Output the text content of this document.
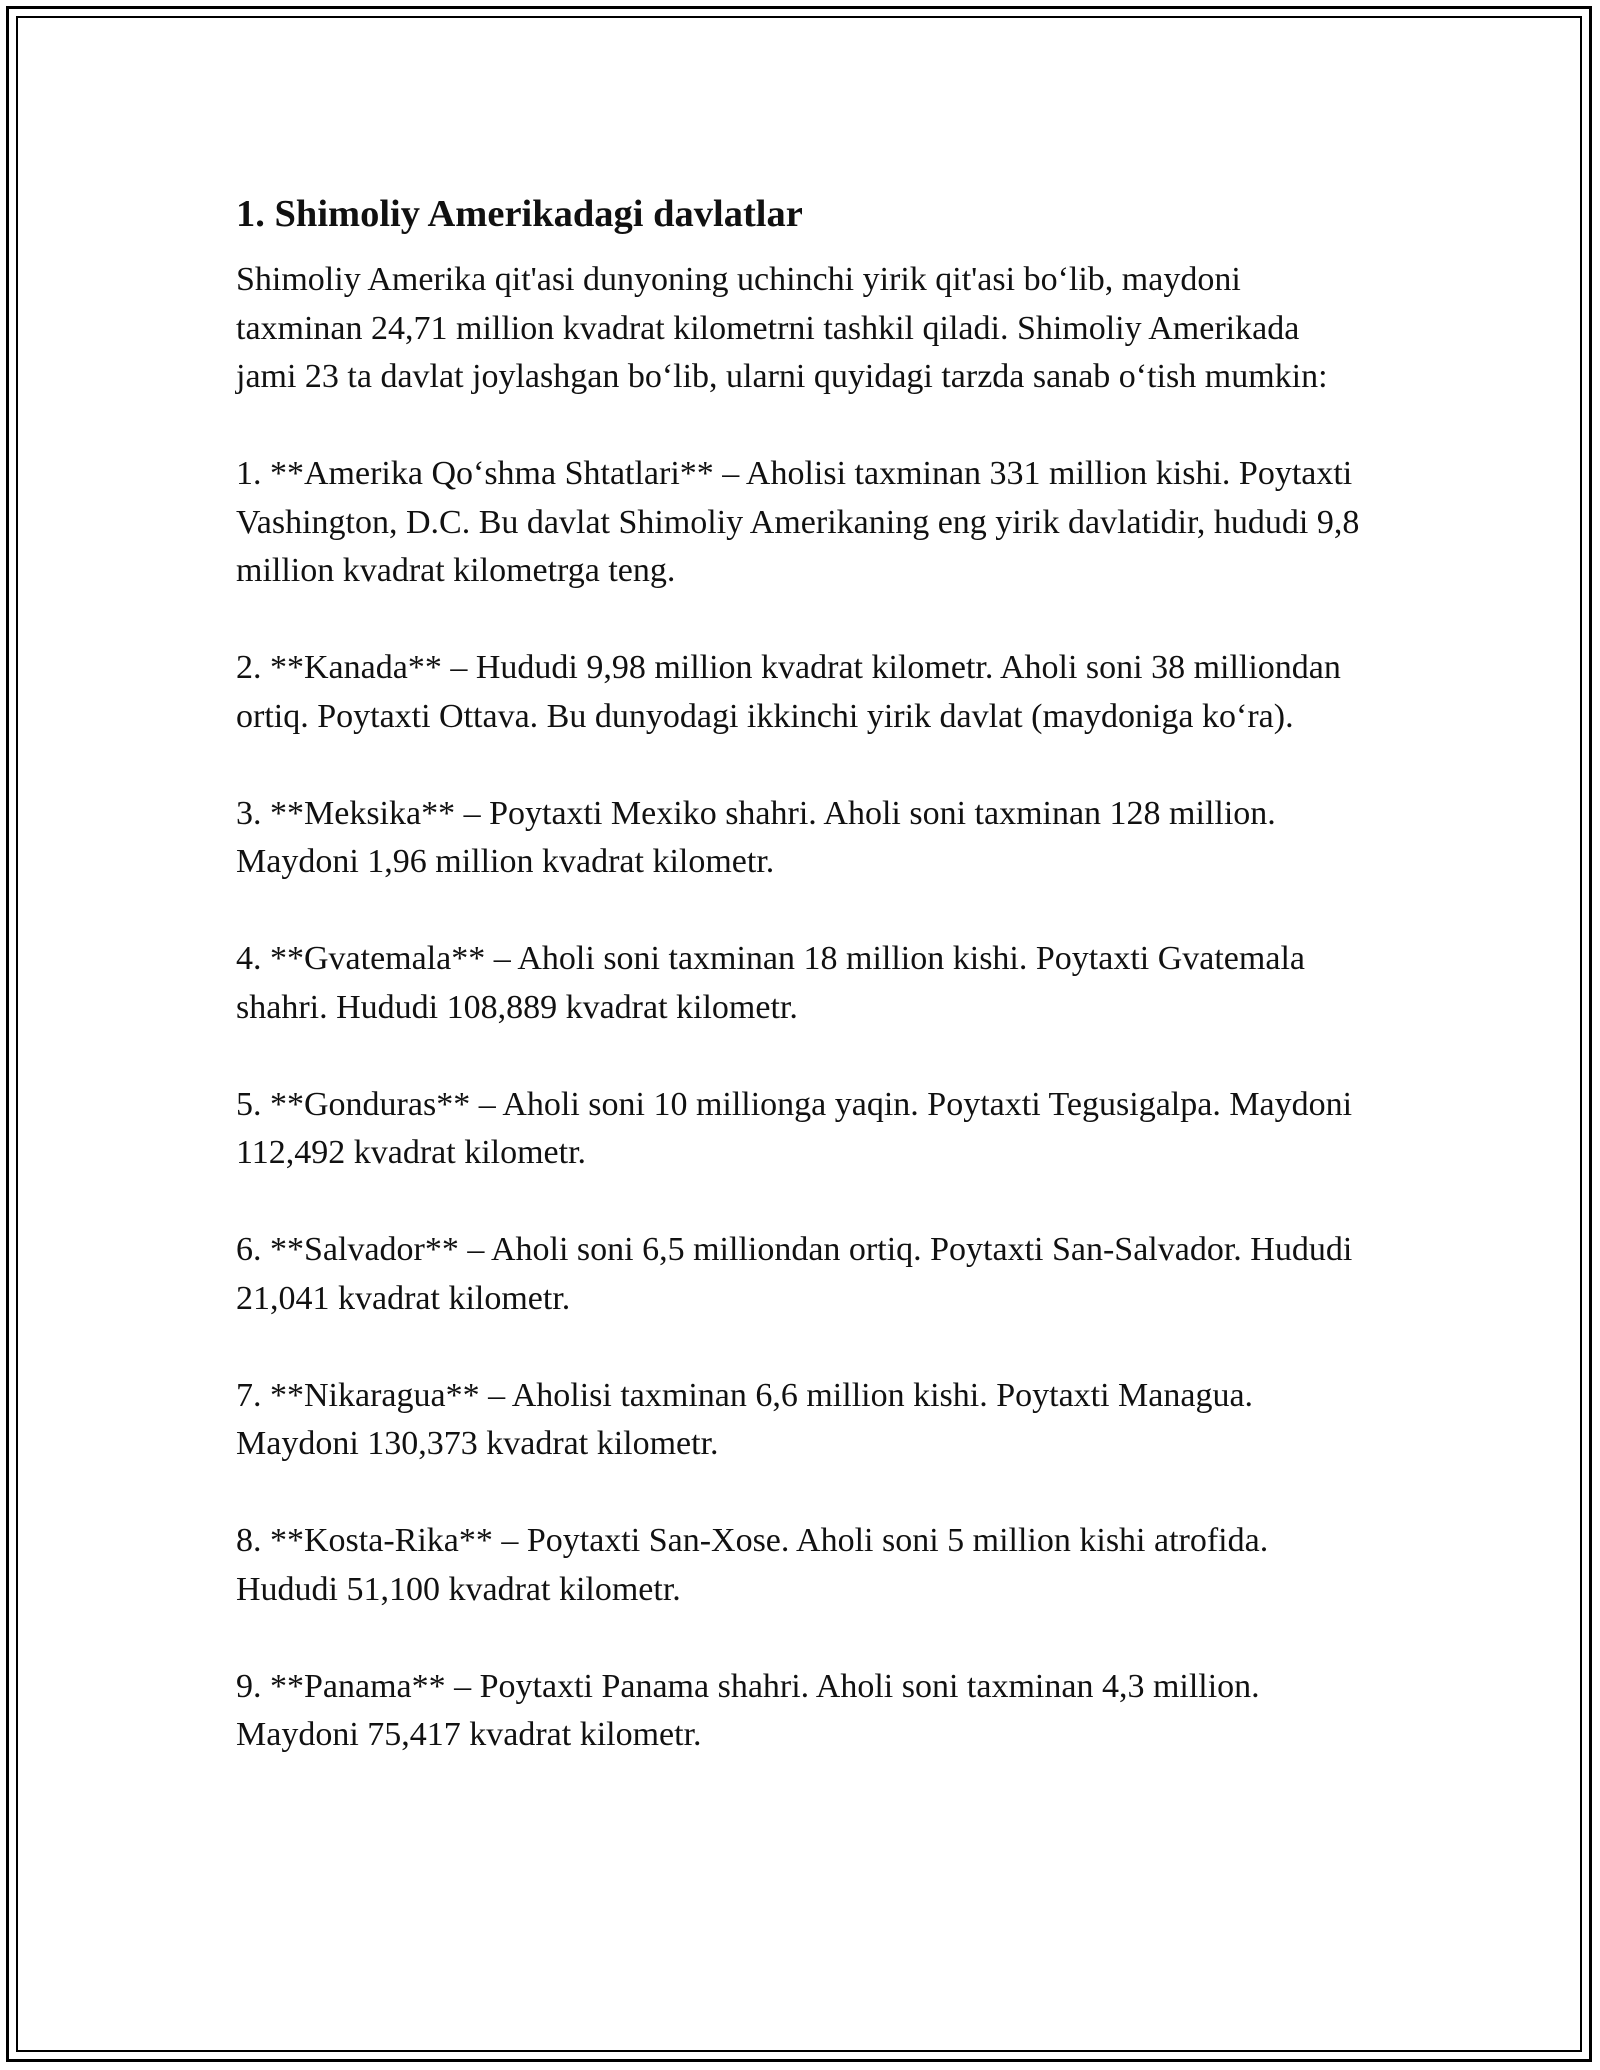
1. Shimoliy Amerikadagi davlatlar

Shimoliy Amerika qit'asi dunyoning uchinchi yirik qit'asi bo‘lib, maydoni taxminan 24,71 million kvadrat kilometrni tashkil qiladi. Shimoliy Amerikada jami 23 ta davlat joylashgan bo‘lib, ularni quyidagi tarzda sanab o‘tish mumkin:

1. **Amerika Qo‘shma Shtatlari** – Aholisi taxminan 331 million kishi. Poytaxti Vashington, D.C. Bu davlat Shimoliy Amerikaning eng yirik davlatidir, hududi 9,8 million kvadrat kilometrga teng.

2. **Kanada** – Hududi 9,98 million kvadrat kilometr. Aholi soni 38 milliondan ortiq. Poytaxti Ottava. Bu dunyodagi ikkinchi yirik davlat (maydoniga ko‘ra).

3. **Meksika** – Poytaxti Mexiko shahri. Aholi soni taxminan 128 million. Maydoni 1,96 million kvadrat kilometr.

4. **Gvatemala** – Aholi soni taxminan 18 million kishi. Poytaxti Gvatemala shahri. Hududi 108,889 kvadrat kilometr.

5. **Gonduras** – Aholi soni 10 millionga yaqin. Poytaxti Tegusigalpa. Maydoni 112,492 kvadrat kilometr.

6. **Salvador** – Aholi soni 6,5 milliondan ortiq. Poytaxti San-Salvador. Hududi 21,041 kvadrat kilometr.

7. **Nikaragua** – Aholisi taxminan 6,6 million kishi. Poytaxti Managua. Maydoni 130,373 kvadrat kilometr.

8. **Kosta-Rika** – Poytaxti San-Xose. Aholi soni 5 million kishi atrofida. Hududi 51,100 kvadrat kilometr.

9. **Panama** – Poytaxti Panama shahri. Aholi soni taxminan 4,3 million. Maydoni 75,417 kvadrat kilometr.
